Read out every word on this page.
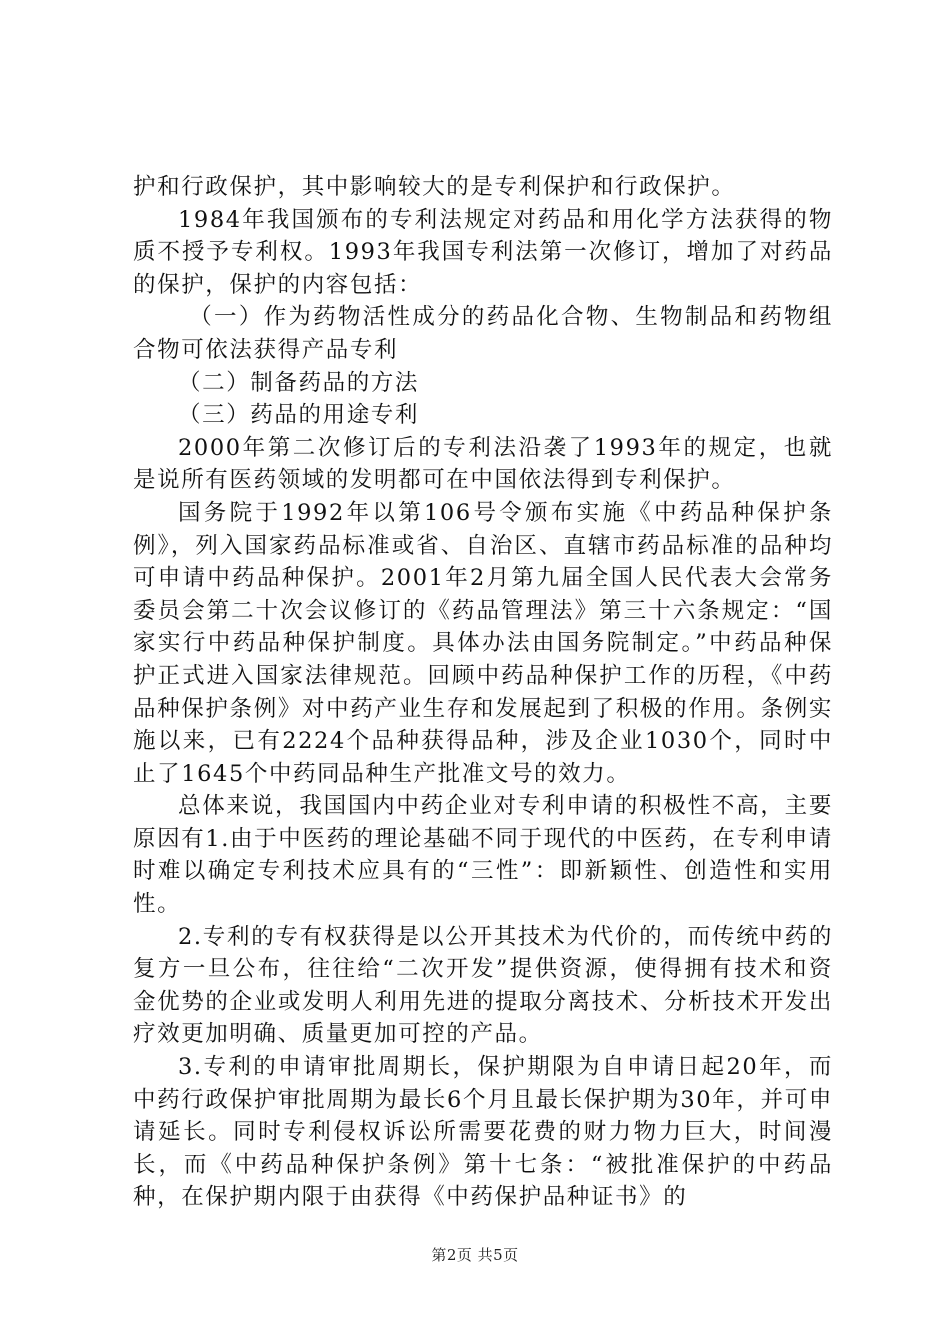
护和行政保护，其中影响较大的是专利保护和行政保护。

1984年我国颁布的专利法规定对药品和用化学方法获得的物质不授予专利权。1993年我国专利法第一次修订，增加了对药品的保护，保护的内容包括：

（一）作为药物活性成分的药品化合物、生物制品和药物组合物可依法获得产品专利

（二）制备药品的方法

（三）药品的用途专利

2000年第二次修订后的专利法沿袭了1993年的规定，也就是说所有医药领域的发明都可在中国依法得到专利保护。

国务院于1992年以第106号令颁布实施《中药品种保护条例》，列入国家药品标准或省、自治区、直辖市药品标准的品种均可申请中药品种保护。2001年2月第九届全国人民代表大会常务委员会第二十次会议修订的《药品管理法》第三十六条规定：“国家实行中药品种保护制度。具体办法由国务院制定。”中药品种保护正式进入国家法律规范。回顾中药品种保护工作的历程，《中药品种保护条例》对中药产业生存和发展起到了积极的作用。条例实施以来，已有2224个品种获得品种，涉及企业1030个，同时中止了1645个中药同品种生产批准文号的效力。

总体来说，我国国内中药企业对专利申请的积极性不高，主要原因有1.由于中医药的理论基础不同于现代的中医药，在专利申请时难以确定专利技术应具有的“三性”：即新颖性、创造性和实用性。

2.专利的专有权获得是以公开其技术为代价的，而传统中药的复方一旦公布，往往给“二次开发”提供资源，使得拥有技术和资金优势的企业或发明人利用先进的提取分离技术、分析技术开发出疗效更加明确、质量更加可控的产品。

3.专利的申请审批周期长，保护期限为自申请日起20年，而中药行政保护审批周期为最长6个月且最长保护期为30年，并可申请延长。同时专利侵权诉讼所需要花费的财力物力巨大，时间漫长，而《中药品种保护条例》第十七条：“被批准保护的中药品种，在保护期内限于由获得《中药保护品种证书》的

第2页 共5页
